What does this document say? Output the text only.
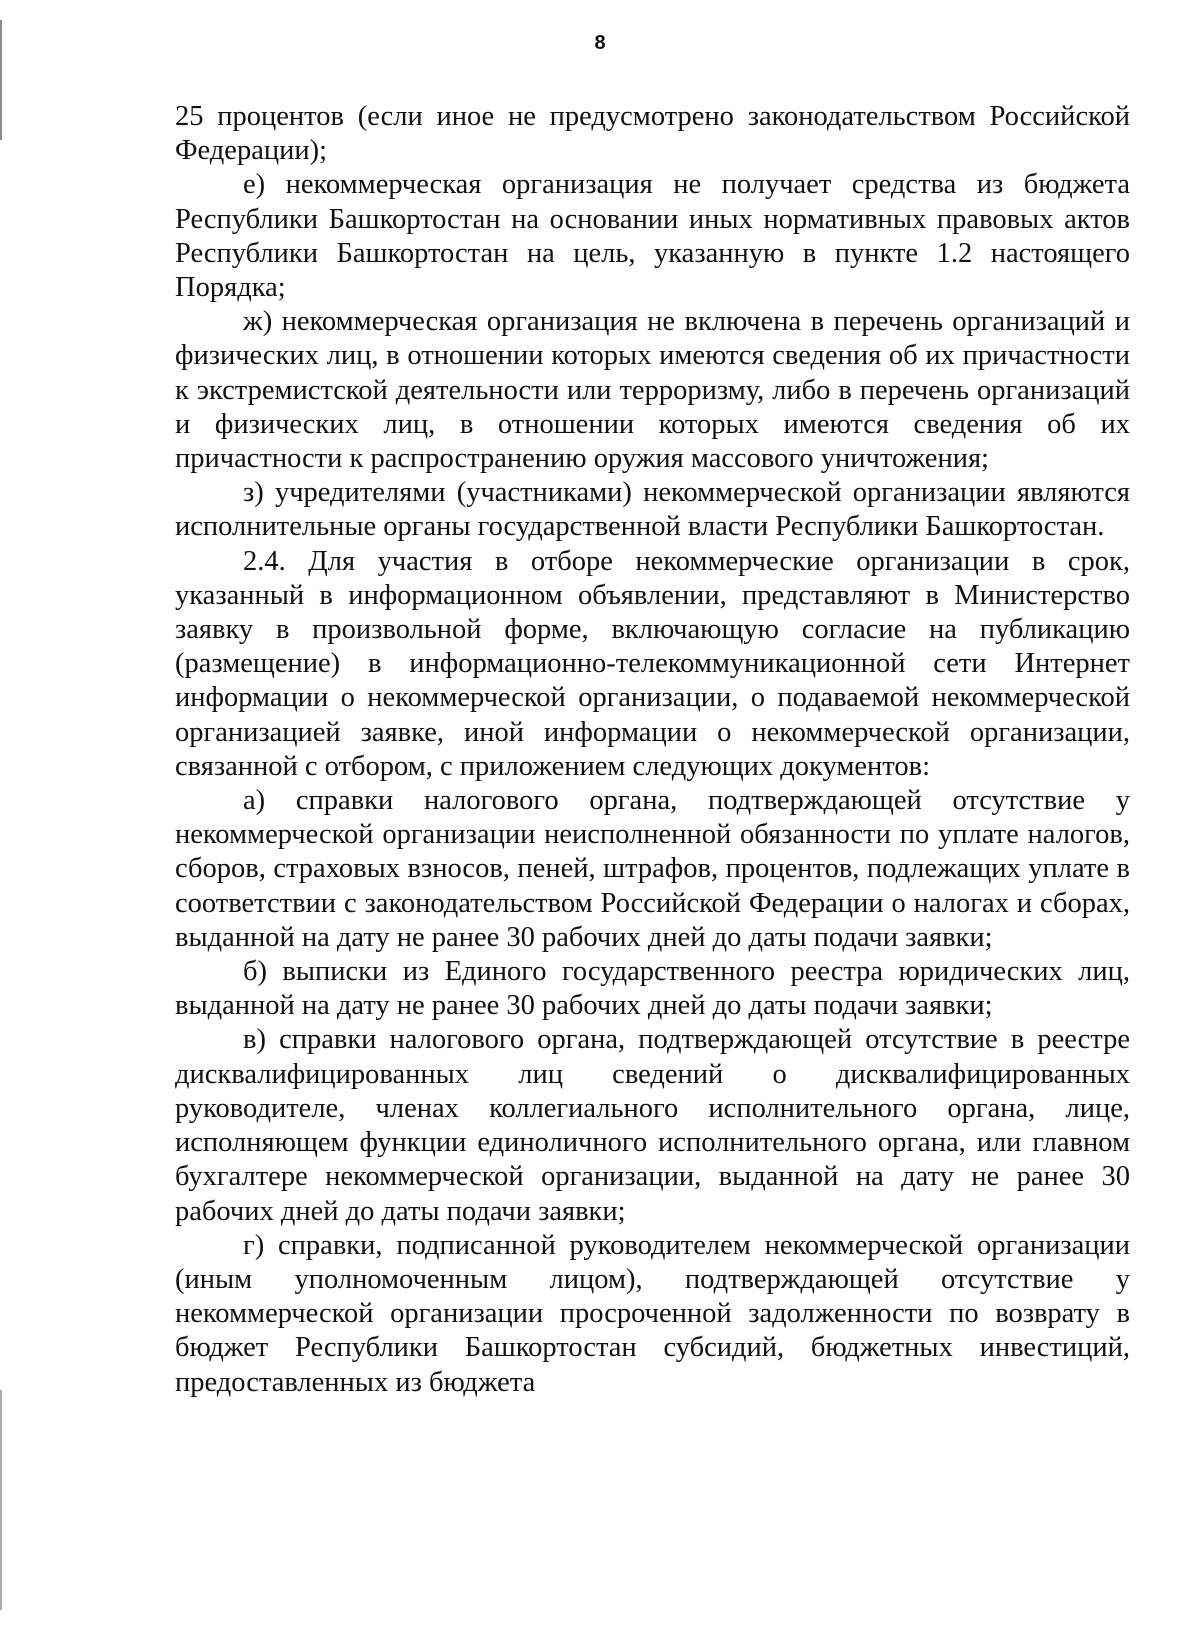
8

25 процентов (если иное не предусмотрено законодательством Российской Федерации);

е) некоммерческая организация не получает средства из бюджета Республики Башкортостан на основании иных нормативных правовых актов Республики Башкортостан на цель, указанную в пункте 1.2 настоящего Порядка;

ж) некоммерческая организация не включена в перечень организаций и физических лиц, в отношении которых имеются сведения об их причастности к экстремистской деятельности или терроризму, либо в перечень организаций и физических лиц, в отношении которых имеются сведения об их причастности к распространению оружия массового уничтожения;

з) учредителями (участниками) некоммерческой организации являются исполнительные органы государственной власти Республики Башкортостан.

2.4. Для участия в отборе некоммерческие организации в срок, указанный в информационном объявлении, представляют в Министерство заявку в произвольной форме, включающую согласие на публикацию (размещение) в информационно-телекоммуникационной сети Интернет информации о некоммерческой организации, о подаваемой некоммерческой организацией заявке, иной информации о некоммерческой организации, связанной с отбором, с приложением следующих документов:

а) справки налогового органа, подтверждающей отсутствие у некоммерческой организации неисполненной обязанности по уплате налогов, сборов, страховых взносов, пеней, штрафов, процентов, подлежащих уплате в соответствии с законодательством Российской Федерации о налогах и сборах, выданной на дату не ранее 30 рабочих дней до даты подачи заявки;

б) выписки из Единого государственного реестра юридических лиц, выданной на дату не ранее 30 рабочих дней до даты подачи заявки;

в) справки налогового органа, подтверждающей отсутствие в реестре дисквалифицированных лиц сведений о дисквалифицированных руководителе, членах коллегиального исполнительного органа, лице, исполняющем функции единоличного исполнительного органа, или главном бухгалтере некоммерческой организации, выданной на дату не ранее 30 рабочих дней до даты подачи заявки;

г) справки, подписанной руководителем некоммерческой организации (иным уполномоченным лицом), подтверждающей отсутствие у некоммерческой организации просроченной задолженности по возврату в бюджет Республики Башкортостан субсидий, бюджетных инвестиций, предоставленных из бюджета
